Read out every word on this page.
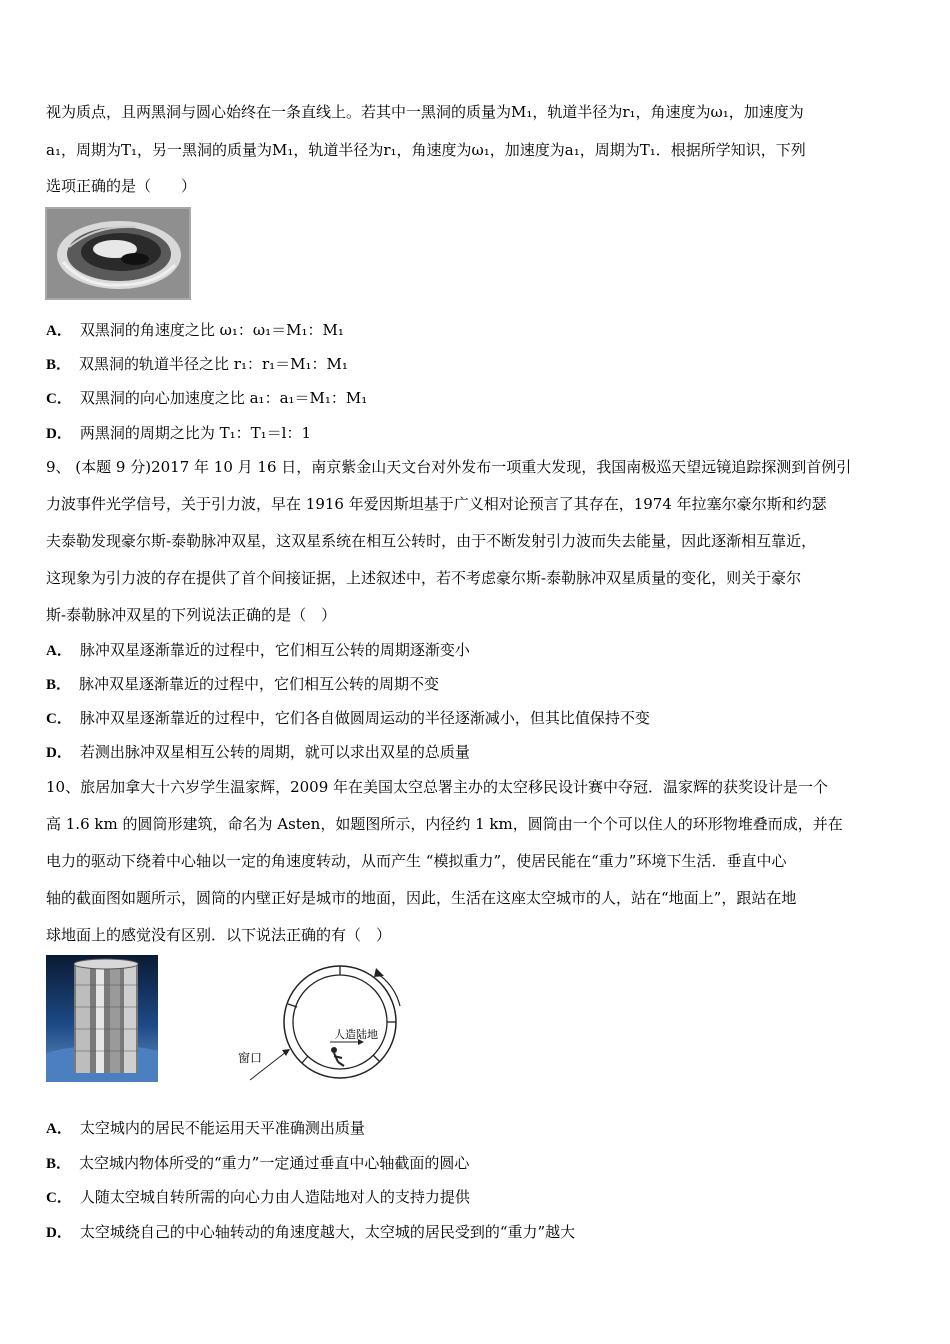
视为质点，且两黑洞与圆心始终在一条直线上。若其中一黑洞的质量为M₁，轨道半径为r₁，角速度为ω₁，加速度为
a₁，周期为T₁，另一黑洞的质量为M₁，轨道半径为r₁，角速度为ω₁，加速度为a₁，周期为T₁．根据所学知识，下列
选项正确的是（　　）
A． 双黑洞的角速度之比 ω₁：ω₁＝M₁：M₁
B． 双黑洞的轨道半径之比 r₁：r₁＝M₁：M₁
C． 双黑洞的向心加速度之比 a₁：a₁＝M₁：M₁
D． 两黑洞的周期之比为 T₁：T₁＝l：1
9、 (本题 9 分)2017 年 10 月 16 日，南京紫金山天文台对外发布一项重大发现，我国南极巡天望远镜追踪探测到首例引
力波事件光学信号，关于引力波，早在 1916 年爱因斯坦基于广义相对论预言了其存在，1974 年拉塞尔豪尔斯和约瑟
夫泰勒发现豪尔斯-泰勒脉冲双星，这双星系统在相互公转时，由于不断发射引力波而失去能量，因此逐渐相互靠近，
这现象为引力波的存在提供了首个间接证据，上述叙述中，若不考虑豪尔斯-泰勒脉冲双星质量的变化，则关于豪尔
斯-泰勒脉冲双星的下列说法正确的是（　）
A． 脉冲双星逐渐靠近的过程中，它们相互公转的周期逐渐变小
B． 脉冲双星逐渐靠近的过程中，它们相互公转的周期不变
C． 脉冲双星逐渐靠近的过程中，它们各自做圆周运动的半径逐渐减小，但其比值保持不变
D． 若测出脉冲双星相互公转的周期，就可以求出双星的总质量
10、旅居加拿大十六岁学生温家辉，2009 年在美国太空总署主办的太空移民设计赛中夺冠．温家辉的获奖设计是一个
高 1.6 km 的圆筒形建筑，命名为 Asten，如题图所示，内径约 1 km，圆筒由一个个可以住人的环形物堆叠而成，并在
电力的驱动下绕着中心轴以一定的角速度转动，从而产生 “模拟重力”，使居民能在“重力”环境下生活．垂直中心
轴的截面图如题所示，圆筒的内壁正好是城市的地面，因此，生活在这座太空城市的人，站在“地面上”，跟站在地
球地面上的感觉没有区别．以下说法正确的有（　）
人造陆地
窗口
A． 太空城内的居民不能运用天平准确测出质量
B． 太空城内物体所受的“重力”一定通过垂直中心轴截面的圆心
C． 人随太空城自转所需的向心力由人造陆地对人的支持力提供
D． 太空城绕自己的中心轴转动的角速度越大，太空城的居民受到的“重力”越大
